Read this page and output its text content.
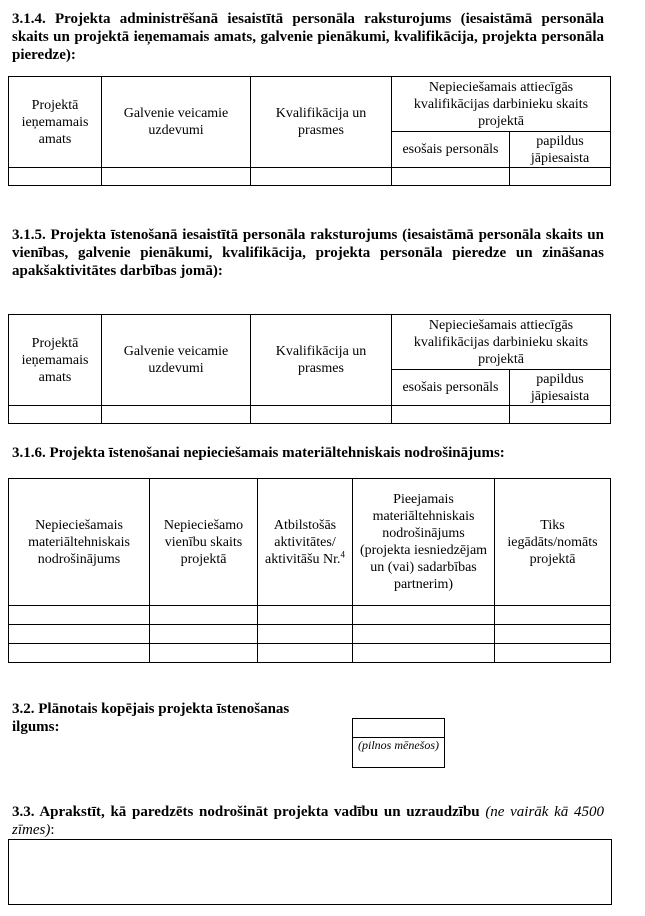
3.1.4. Projekta administrēšanā iesaistītā personāla raksturojums (iesaistāmā personāla skaits un projektā ieņemamais amats, galvenie pienākumi, kvalifikācija, projekta personāla pieredze):

Projektā ieņemamais amats	Galvenie veicamie uzdevumi	Kvalifikācija un prasmes	Nepieciešamais attiecīgās kvalifikācijas darbinieku skaits projektā	
			esošais personāls	papildus jāpiesaista

3.1.5. Projekta īstenošanā iesaistītā personāla raksturojums (iesaistāmā personāla skaits un vienības, galvenie pienākumi, kvalifikācija, projekta personāla pieredze un zināšanas apakšaktivitātes darbības jomā):

Projektā ieņemamais amats	Galvenie veicamie uzdevumi	Kvalifikācija un prasmes	Nepieciešamais attiecīgās kvalifikācijas darbinieku skaits projektā	
			esošais personāls	papildus jāpiesaista

3.1.6. Projekta īstenošanai nepieciešamais materiāltehniskais nodrošinājums:

Nepieciešamais materiāltehniskais nodrošinājums	Nepieciešamo vienību skaits projektā	Atbilstošās aktivitātes/ aktivitāšu Nr.$^4$	Pieejamais materiāltehniskais nodrošinājums (projekta iesniedzējam un (vai) sadarbības partnerim)	Tiks iegādāts/nomāts projektā

3.2. Plānotais kopējais projekta īstenošanas ilgums:

(pilnos mēnešos)

3.3. Aprakstīt, kā paredzēts nodrošināt projekta vadību un uzraudzību (ne vairāk kā 4500 zīmes):
